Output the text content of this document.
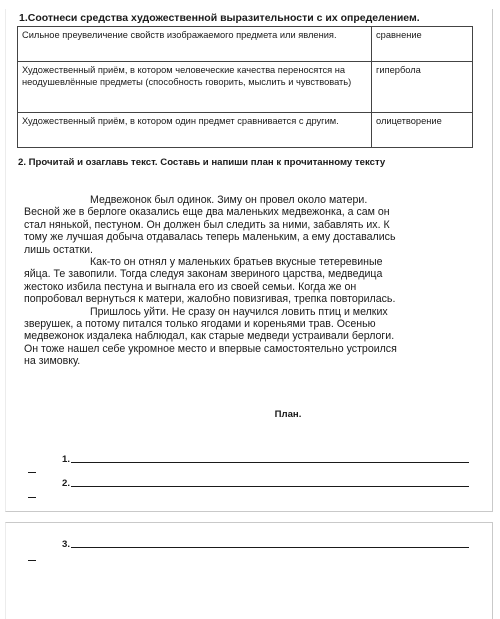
1.Соотнеси средства художественной выразительности с их определением.
Сильное преувеличение свойств изображаемого предмета или явления.	сравнение
Художественный приём, в котором человеческие качества переносятся на неодушевлённые предметы (способность говорить, мыслить и чувствовать)	гипербола
Художественный приём, в котором один предмет сравнивается с другим.	олицетворение
2. Прочитай и озаглавь текст. Составь и напиши план к прочитанному тексту

Медвежонок был одинок. Зиму он провел около матери. Весной же в берлоге оказались еще два маленьких медвежонка, а сам он стал нянькой, пестуном. Он должен был следить за ними, забавлять их. К тому же лучшая добыча отдавалась теперь маленьким, а ему доставались лишь остатки.

Как-то он отнял у маленьких братьев вкусные тетеревиные яйца. Те завопили. Тогда следуя законам звериного царства, медведица жестоко избила пестуна и выгнала его из своей семьи. Когда же он попробовал вернуться к матери, жалобно повизгивая, трепка повторилась.

Пришлось уйти. Не сразу он научился ловить птиц и мелких зверушек, а потому питался только ягодами и кореньями трав. Осенью медвежонок издалека наблюдал, как старые медведи устраивали берлоги. Он тоже нашел себе укромное место и впервые самостоятельно устроился на зимовку.

План.
1.
2.
3.
